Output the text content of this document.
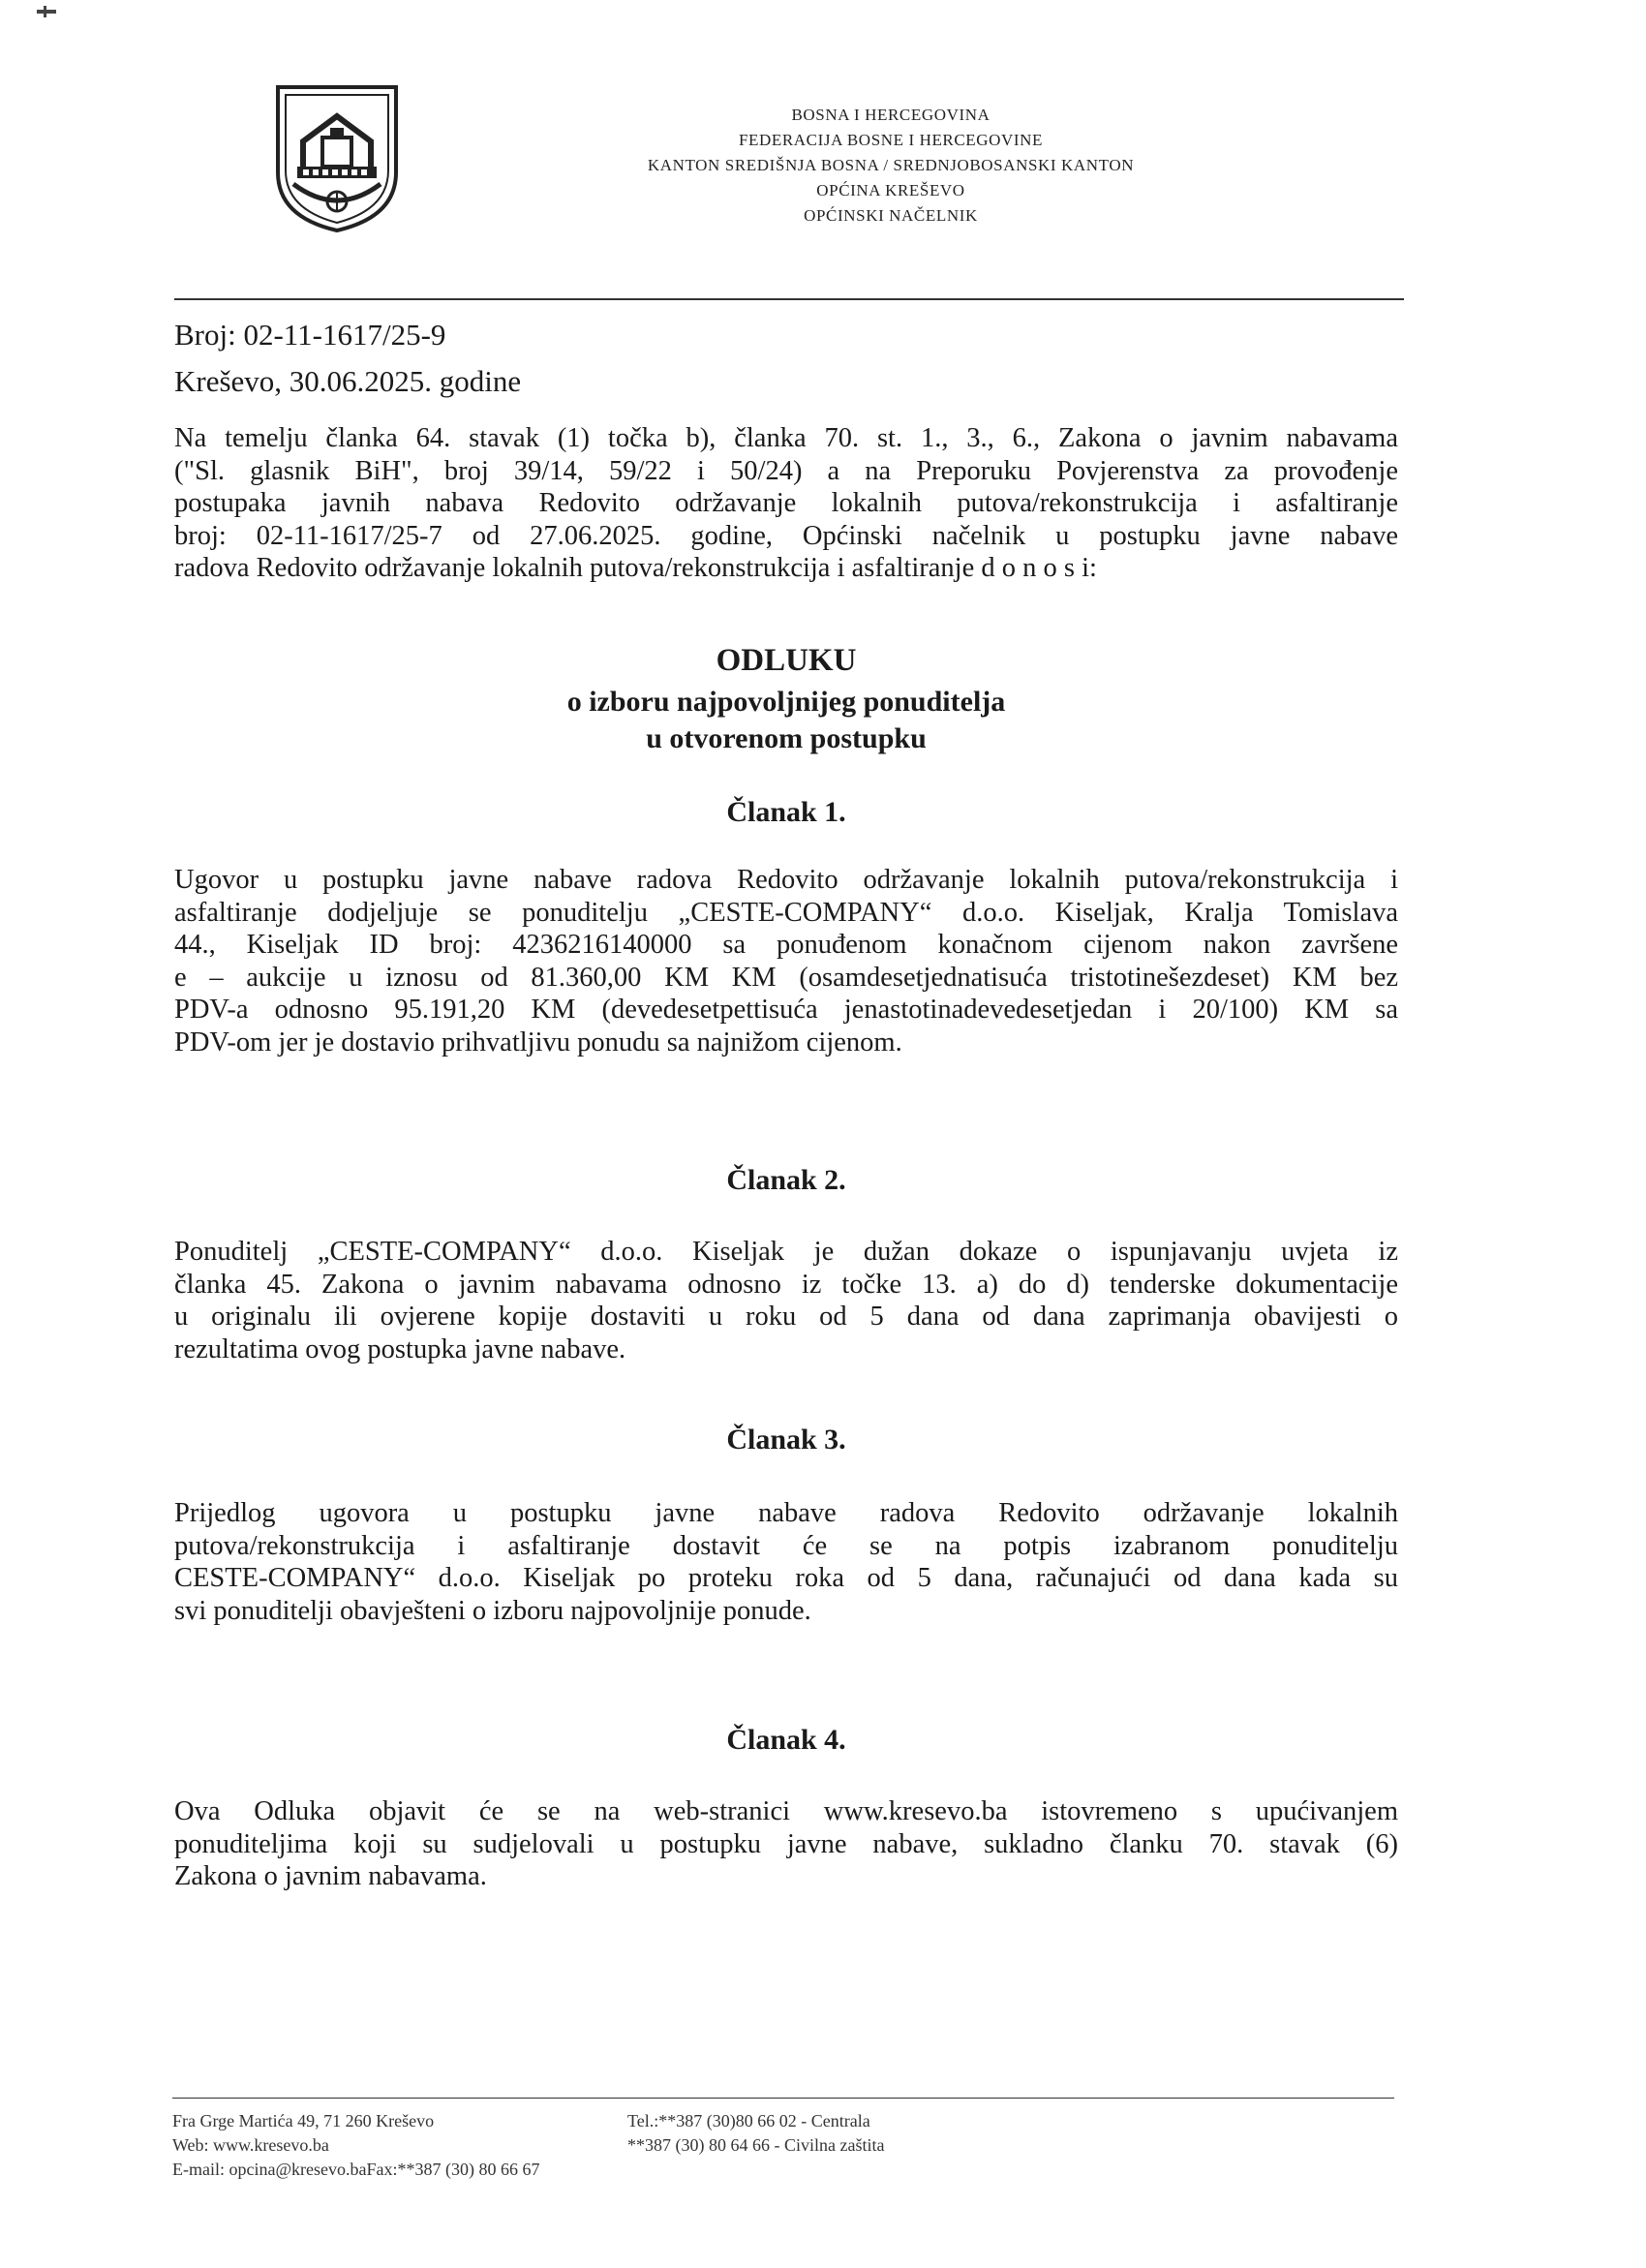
BOSNA I HERCEGOVINA
FEDERACIJA BOSNE I HERCEGOVINE
KANTON SREDIŠNJA BOSNA / SREDNJOBOSANSKI KANTON
OPĆINA KREŠEVO
OPĆINSKI NAČELNIK
Broj: 02-11-1617/25-9
Kreševo, 30.06.2025. godine
Na temelju članka 64. stavak (1) točka b), članka 70. st. 1., 3., 6., Zakona o javnim nabavama
("Sl. glasnik BiH", broj 39/14, 59/22 i 50/24) a na Preporuku Povjerenstva za provođenje
postupaka javnih nabava Redovito održavanje lokalnih putova/rekonstrukcija i asfaltiranje
broj: 02-11-1617/25-7 od 27.06.2025. godine, Općinski načelnik u postupku javne nabave
radova Redovito održavanje lokalnih putova/rekonstrukcija i asfaltiranje d o n o s i:
ODLUKU
o izboru najpovoljnijeg ponuditelja
u otvorenom postupku
Članak 1.
Ugovor u postupku javne nabave radova Redovito održavanje lokalnih putova/rekonstrukcija i
asfaltiranje dodjeljuje se ponuditelju „CESTE-COMPANY“ d.o.o. Kiseljak, Kralja Tomislava
44., Kiseljak ID broj: 4236216140000 sa ponuđenom konačnom cijenom nakon završene
e – aukcije u iznosu od 81.360,00 KM KM (osamdesetjednatisuća tristotinešezdeset) KM bez
PDV-a odnosno 95.191,20 KM (devedesetpettisuća jenastotinadevedesetjedan i 20/100) KM sa
PDV-om jer je dostavio prihvatljivu ponudu sa najnižom cijenom.
Članak 2.
Ponuditelj „CESTE-COMPANY“ d.o.o. Kiseljak je dužan dokaze o ispunjavanju uvjeta iz
članka 45. Zakona o javnim nabavama odnosno iz točke 13. a) do d) tenderske dokumentacije
u originalu ili ovjerene kopije dostaviti u roku od 5 dana od dana zaprimanja obavijesti o
rezultatima ovog postupka javne nabave.
Članak 3.
Prijedlog ugovora u postupku javne nabave radova Redovito održavanje lokalnih
putova/rekonstrukcija i asfaltiranje dostavit će se na potpis izabranom ponuditelju
CESTE-COMPANY“ d.o.o. Kiseljak po proteku roka od 5 dana, računajući od dana kada su
svi ponuditelji obavješteni o izboru najpovoljnije ponude.
Članak 4.
Ova Odluka objavit će se na web-stranici www.kresevo.ba istovremeno s upućivanjem
ponuditeljima koji su sudjelovali u postupku javne nabave, sukladno članku 70. stavak (6)
Zakona o javnim nabavama.
Fra Grge Martića 49, 71 260 Kreševo	Tel.:**387 (30)80 66 02 - Centrala
Web: www.kresevo.ba	**387 (30) 80 64 66 - Civilna zaštita
E-mail: opcina@kresevo.baFax:**387 (30) 80 66 67
